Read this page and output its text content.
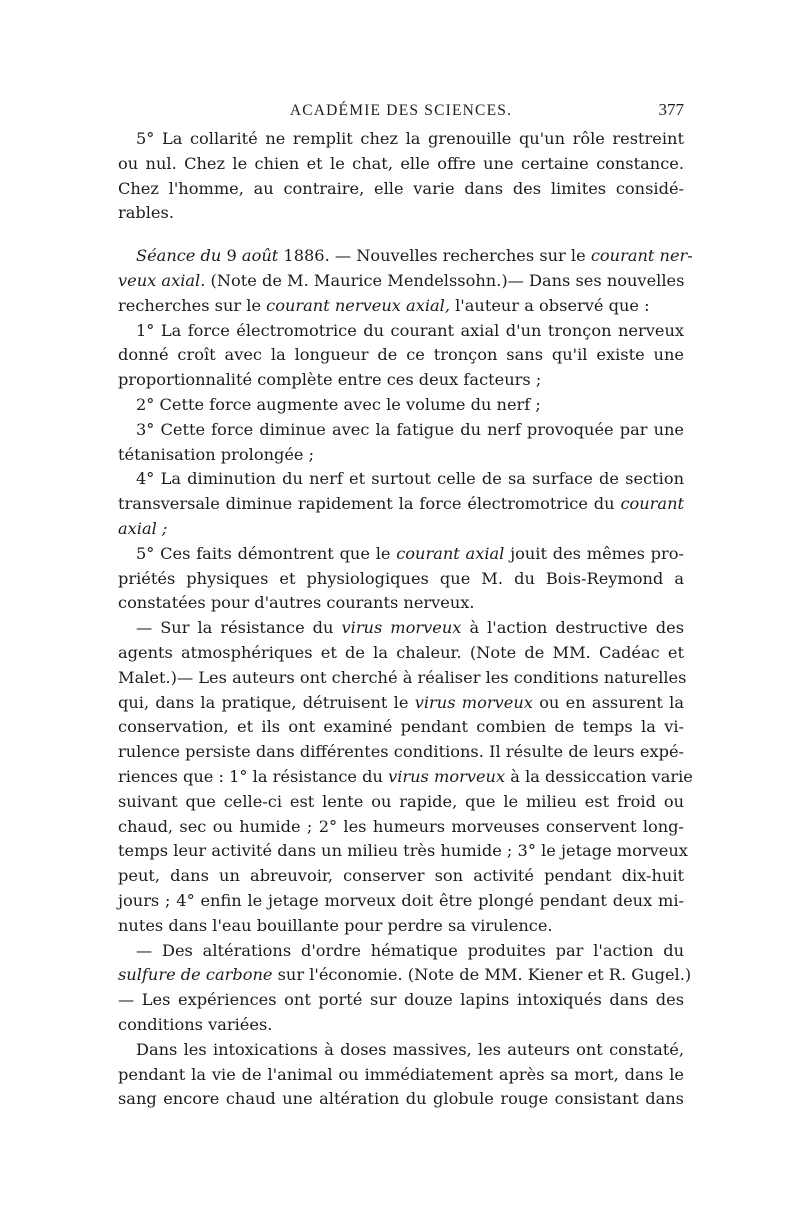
ACADÉMIE DES SCIENCES.	377
5° La collarité ne remplit chez la grenouille qu'un rôle restreint
ou nul. Chez le chien et le chat, elle offre une certaine constance.
Chez l'homme, au contraire, elle varie dans des limites considé-
rables.
Séance du 9 août 1886. — Nouvelles recherches sur le courant ner-
veux axial. (Note de M. Maurice Mendelssohn.)— Dans ses nouvelles
recherches sur le courant nerveux axial, l'auteur a observé que :
1° La force électromotrice du courant axial d'un tronçon nerveux
donné croît avec la longueur de ce tronçon sans qu'il existe une
proportionnalité complète entre ces deux facteurs ;
2° Cette force augmente avec le volume du nerf ;
3° Cette force diminue avec la fatigue du nerf provoquée par une
tétanisation prolongée ;
4° La diminution du nerf et surtout celle de sa surface de section
transversale diminue rapidement la force électromotrice du courant
axial ;
5° Ces faits démontrent que le courant axial jouit des mêmes pro-
priétés physiques et physiologiques que M. du Bois-Reymond a
constatées pour d'autres courants nerveux.
— Sur la résistance du virus morveux à l'action destructive des
agents atmosphériques et de la chaleur. (Note de MM. Cadéac et
Malet.)— Les auteurs ont cherché à réaliser les conditions naturelles
qui, dans la pratique, détruisent le virus morveux ou en assurent la
conservation, et ils ont examiné pendant combien de temps la vi-
rulence persiste dans différentes conditions. Il résulte de leurs expé-
riences que : 1° la résistance du virus morveux à la dessiccation varie
suivant que celle-ci est lente ou rapide, que le milieu est froid ou
chaud, sec ou humide ; 2° les humeurs morveuses conservent long-
temps leur activité dans un milieu très humide ; 3° le jetage morveux
peut, dans un abreuvoir, conserver son activité pendant dix-huit
jours ; 4° enfin le jetage morveux doit être plongé pendant deux mi-
nutes dans l'eau bouillante pour perdre sa virulence.
— Des altérations d'ordre hématique produites par l'action du
sulfure de carbone sur l'économie. (Note de MM. Kiener et R. Gugel.)
— Les expériences ont porté sur douze lapins intoxiqués dans des
conditions variées.
Dans les intoxications à doses massives, les auteurs ont constaté,
pendant la vie de l'animal ou immédiatement après sa mort, dans le
sang encore chaud une altération du globule rouge consistant dans
